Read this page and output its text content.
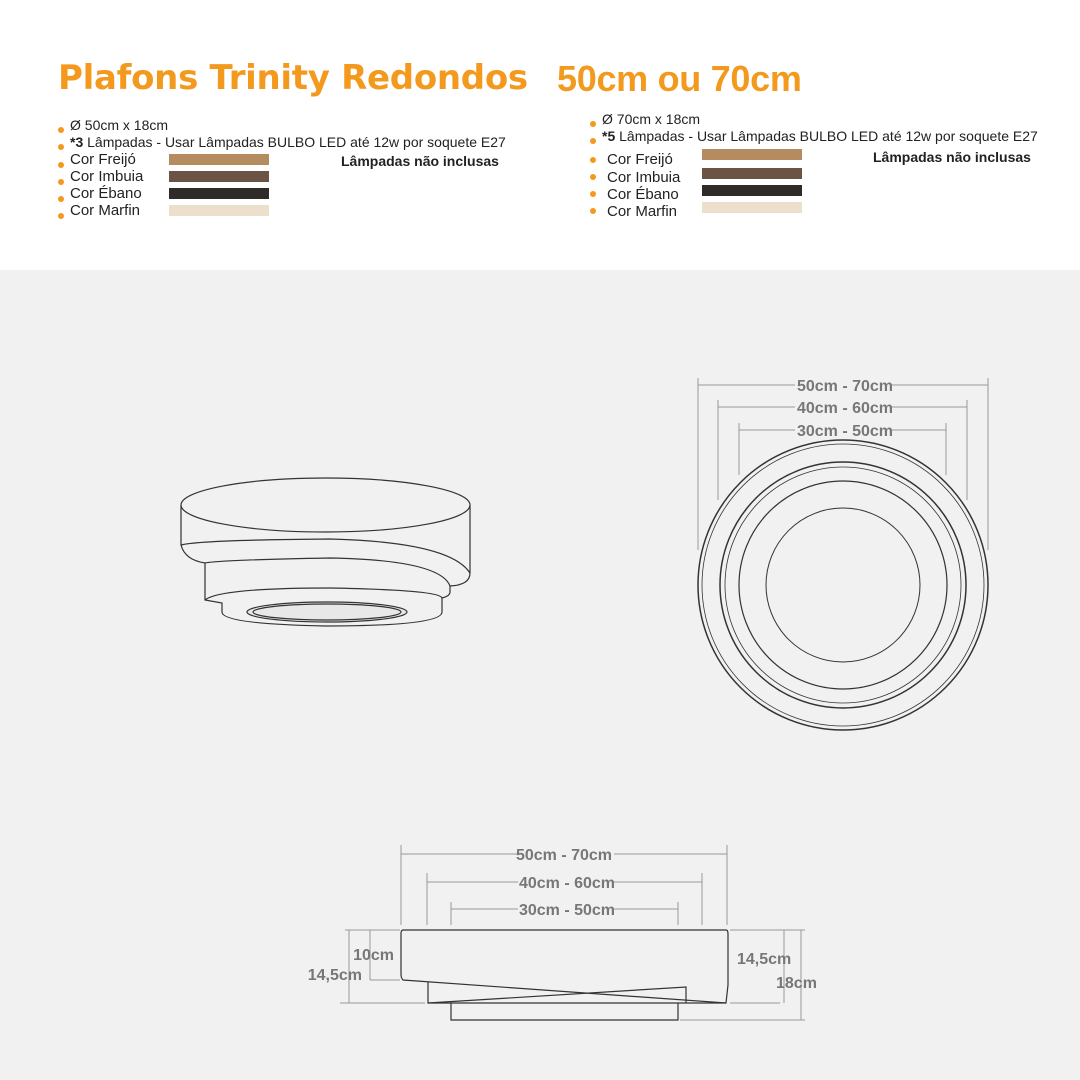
Plafons Trinity Redondos 50cm ou 70cm
Ø 50cm x 18cm
*3 Lâmpadas - Usar Lâmpadas BULBO LED até 12w por soquete E27
Lâmpadas não inclusas
Cor Freijó
Cor Imbuia
Cor Ébano
Cor Marfin
Ø 70cm x 18cm
*5 Lâmpadas - Usar Lâmpadas BULBO LED até 12w por soquete E27
Lâmpadas não inclusas
Cor Freijó
Cor Imbuia
Cor Ébano
Cor Marfin
50cm - 70cm
40cm - 60cm
30cm - 50cm
50cm - 70cm
40cm - 60cm
30cm - 50cm
10cm
14,5cm
14,5cm
18cm
